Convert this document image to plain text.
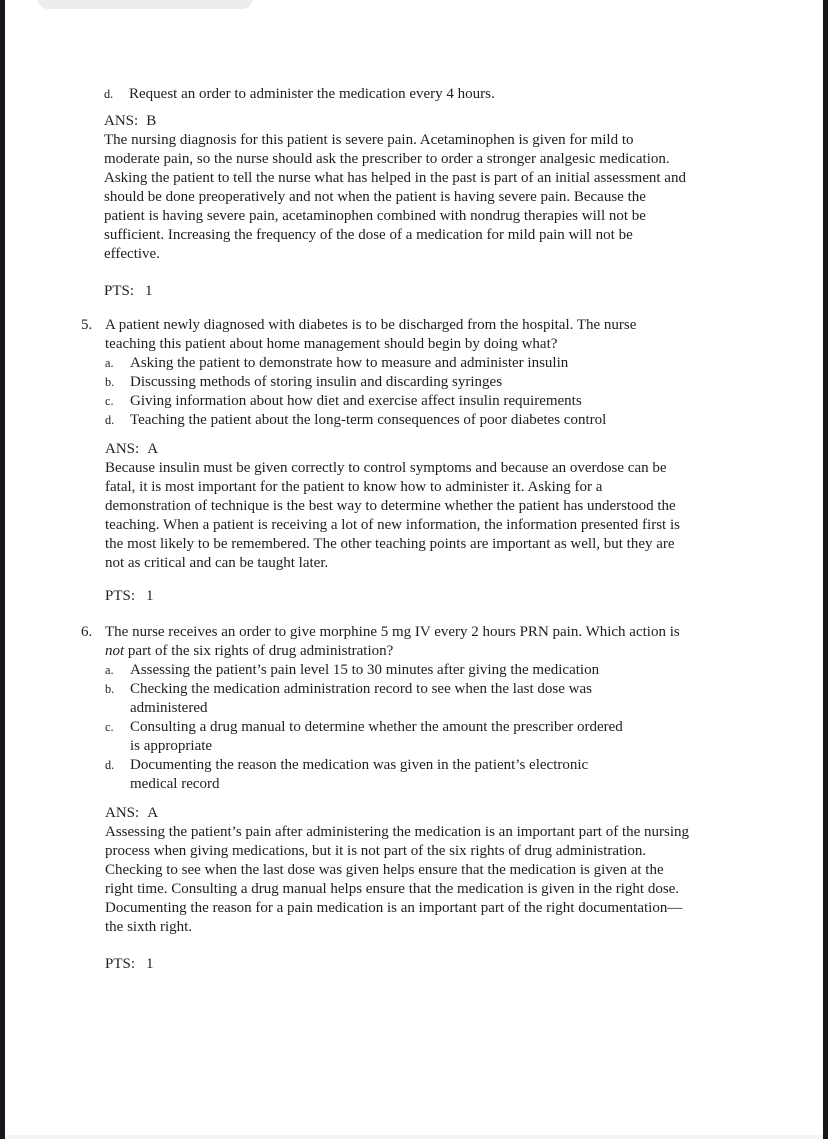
d.	Request an order to administer the medication every 4 hours.
ANS: B
The nursing diagnosis for this patient is severe pain. Acetaminophen is given for mild to
moderate pain, so the nurse should ask the prescriber to order a stronger analgesic medication.
Asking the patient to tell the nurse what has helped in the past is part of an initial assessment and
should be done preoperatively and not when the patient is having severe pain. Because the
patient is having severe pain, acetaminophen combined with nondrug therapies will not be
sufficient. Increasing the frequency of the dose of a medication for mild pain will not be
effective.
PTS: 1
5. A patient newly diagnosed with diabetes is to be discharged from the hospital. The nurse
teaching this patient about home management should begin by doing what?
a.	Asking the patient to demonstrate how to measure and administer insulin
b.	Discussing methods of storing insulin and discarding syringes
c.	Giving information about how diet and exercise affect insulin requirements
d.	Teaching the patient about the long-term consequences of poor diabetes control
ANS: A
Because insulin must be given correctly to control symptoms and because an overdose can be
fatal, it is most important for the patient to know how to administer it. Asking for a
demonstration of technique is the best way to determine whether the patient has understood the
teaching. When a patient is receiving a lot of new information, the information presented first is
the most likely to be remembered. The other teaching points are important as well, but they are
not as critical and can be taught later.
PTS: 1
6. The nurse receives an order to give morphine 5 mg IV every 2 hours PRN pain. Which action is
not part of the six rights of drug administration?
a.	Assessing the patient’s pain level 15 to 30 minutes after giving the medication
b.	Checking the medication administration record to see when the last dose was
administered
c.	Consulting a drug manual to determine whether the amount the prescriber ordered
is appropriate
d.	Documenting the reason the medication was given in the patient’s electronic
medical record
ANS: A
Assessing the patient’s pain after administering the medication is an important part of the nursing
process when giving medications, but it is not part of the six rights of drug administration.
Checking to see when the last dose was given helps ensure that the medication is given at the
right time. Consulting a drug manual helps ensure that the medication is given in the right dose.
Documenting the reason for a pain medication is an important part of the right documentation—
the sixth right.
PTS: 1
